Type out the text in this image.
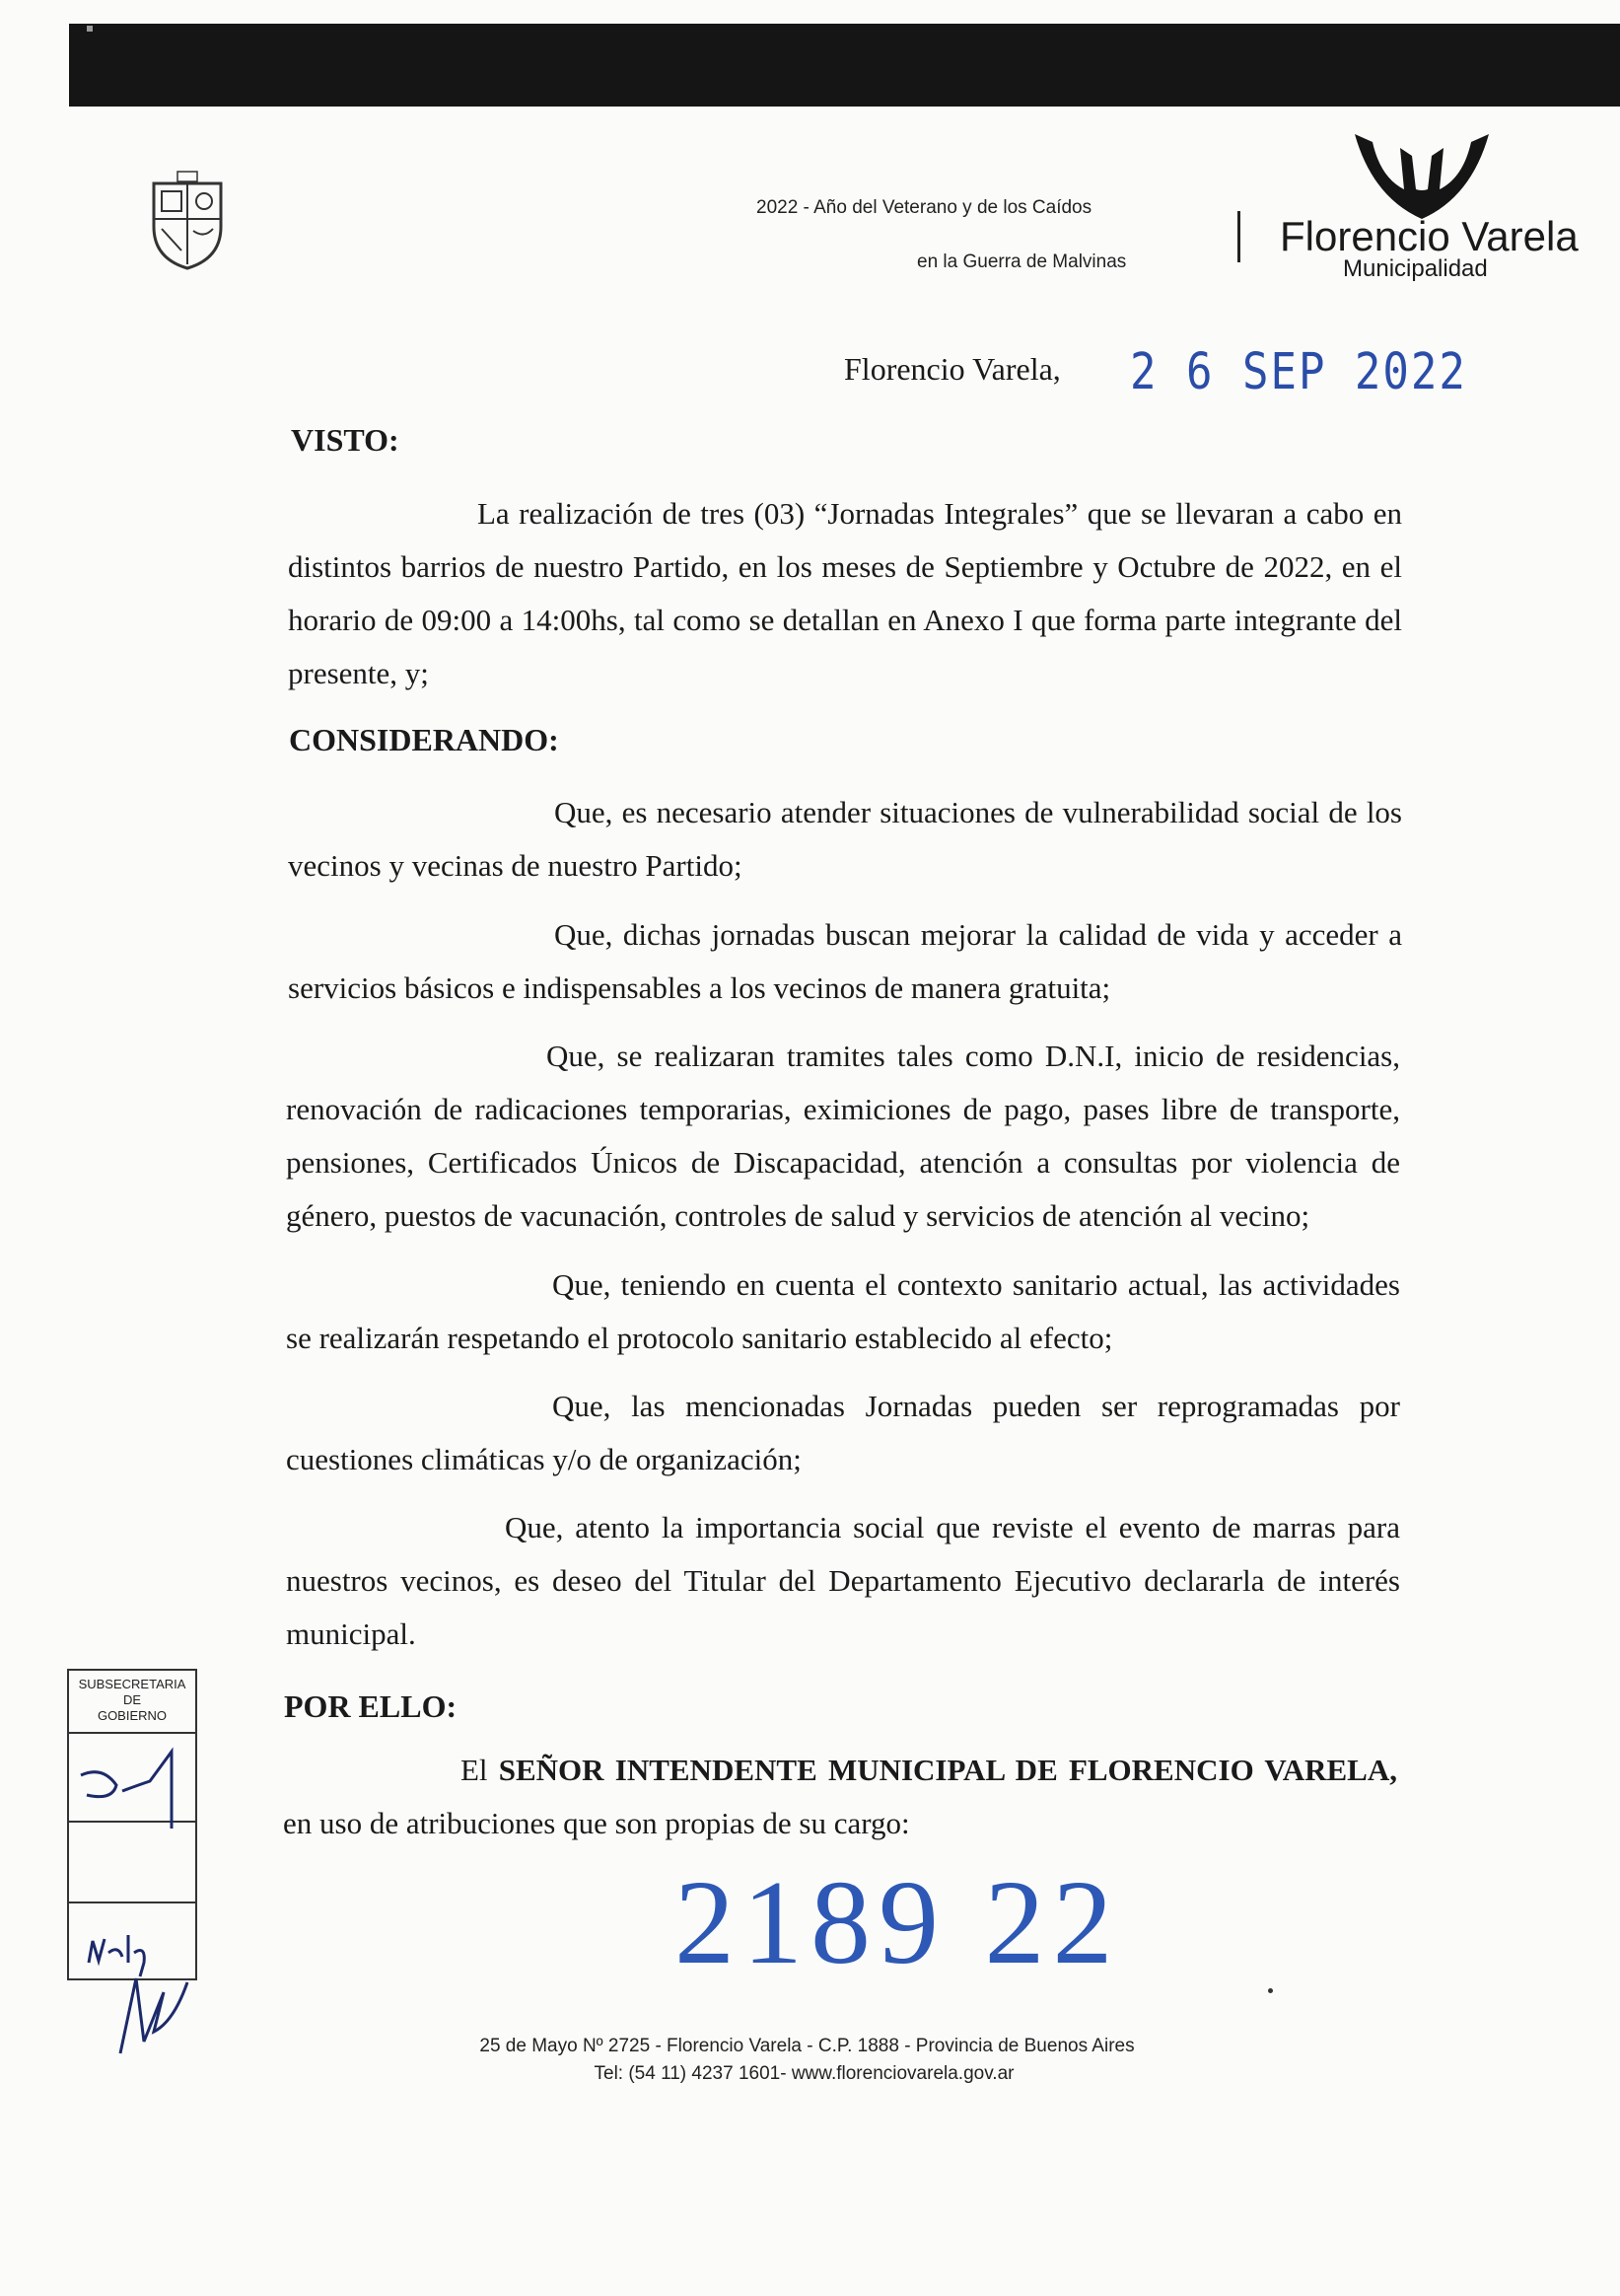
2022 - Año del Veterano y de los Caídos
en la Guerra de Malvinas
Florencio Varela
Municipalidad
Florencio Varela, 2 6 SEP 2022
VISTO:
La realización de tres (03) “Jornadas Integrales” que se llevaran a cabo en distintos barrios de nuestro Partido, en los meses de Septiembre y Octubre de 2022, en el horario de 09:00 a 14:00hs, tal como se detallan en Anexo I que forma parte integrante del presente, y;
CONSIDERANDO:
Que, es necesario atender situaciones de vulnerabilidad social de los vecinos y vecinas de nuestro Partido;
Que, dichas jornadas buscan mejorar la calidad de vida y acceder a servicios básicos e indispensables a los vecinos de manera gratuita;
Que, se realizaran tramites tales como D.N.I, inicio de residencias, renovación de radicaciones temporarias, eximiciones de pago, pases libre de transporte, pensiones, Certificados Únicos de Discapacidad, atención a consultas por violencia de género, puestos de vacunación, controles de salud y servicios de atención al vecino;
Que, teniendo en cuenta el contexto sanitario actual, las actividades se realizarán respetando el protocolo sanitario establecido al efecto;
Que, las mencionadas Jornadas pueden ser reprogramadas por cuestiones climáticas y/o de organización;
Que, atento la importancia social que reviste el evento de marras para nuestros vecinos, es deseo del Titular del Departamento Ejecutivo declararla de interés municipal.
POR ELLO:
El SEÑOR INTENDENTE MUNICIPAL DE FLORENCIO VARELA, en uso de atribuciones que son propias de su cargo:
2189 22
SUBSECRETARIA
DE
GOBIERNO
25 de Mayo Nº 2725 - Florencio Varela - C.P. 1888 - Provincia de Buenos Aires
Tel: (54 11) 4237 1601- www.florenciovarela.gov.ar
